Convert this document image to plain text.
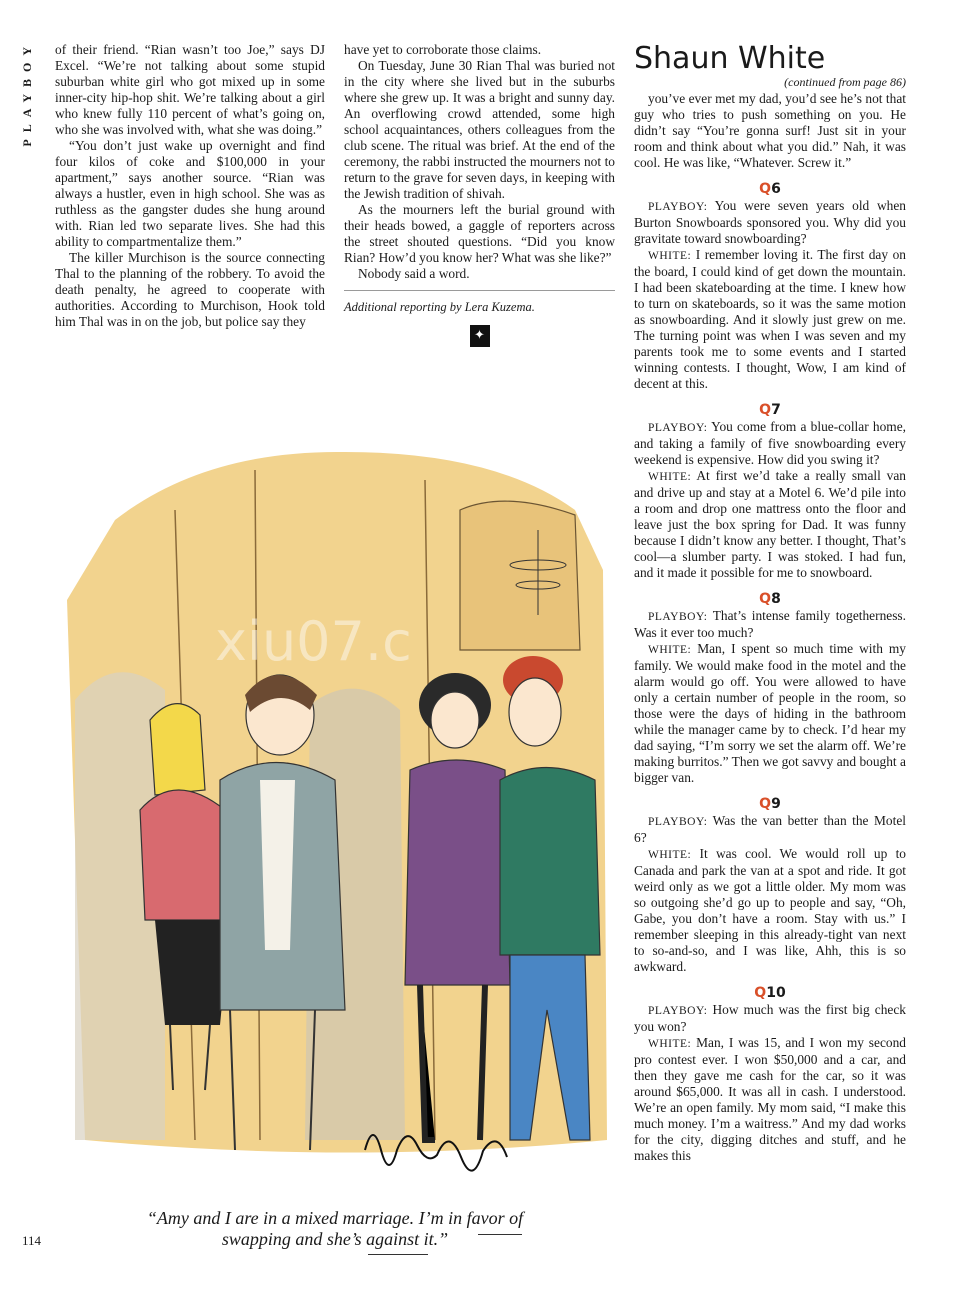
PLAYBOY
114

of their friend. “Rian wasn’t too Joe,” says DJ Excel. “We’re not talking about some stupid suburban white girl who got mixed up in some inner-city hip-hop shit. We’re talking about a girl who knew fully 110 percent of what’s going on, who she was involved with, what she was doing.”

“You don’t just wake up overnight and find four kilos of coke and $100,000 in your apartment,” says another source. “Rian was always a hustler, even in high school. She was as ruthless as the gangster dudes she hung around with. Rian led two separate lives. She had this ability to compartmentalize them.”

The killer Murchison is the source connecting Thal to the planning of the robbery. To avoid the death penalty, he agreed to cooperate with authorities. According to Murchison, Hook told him Thal was in on the job, but police say they

have yet to corroborate those claims.

On Tuesday, June 30 Rian Thal was buried not in the city where she lived but in the suburbs where she grew up. It was a bright and sunny day. An overflowing crowd attended, some high school acquaintances, others colleagues from the club scene. The ritual was brief. At the end of the ceremony, the rabbi instructed the mourners not to return to the grave for seven days, in keeping with the Jewish tradition of shivah.

As the mourners left the burial ground with their heads bowed, a gaggle of reporters across the street shouted questions. “Did you know Rian? How’d you know her? What was she like?”

Nobody said a word.

Additional reporting by Lera Kuzema.

✦
Shaun White
(continued from page 86)

you’ve ever met my dad, you’d see he’s not that guy who tries to push something on you. He didn’t say “You’re gonna surf! Just sit in your room and think about what you did.” Nah, it was cool. He was like, “Whatever. Screw it.”

Q6

PLAYBOY: You were seven years old when Burton Snowboards sponsored you. Why did you gravitate toward snowboarding?

WHITE: I remember loving it. The first day on the board, I could kind of get down the mountain. I had been skateboarding at the time. I knew how to turn on skateboards, so it was the same motion as snowboarding. And it slowly just grew on me. The turning point was when I was seven and my parents took me to some events and I started winning contests. I thought, Wow, I am kind of decent at this.

Q7

PLAYBOY: You come from a blue-collar home, and taking a family of five snowboarding every weekend is expensive. How did you swing it?

WHITE: At first we’d take a really small van and drive up and stay at a Motel 6. We’d pile into a room and drop one mattress onto the floor and leave just the box spring for Dad. It was funny because I didn’t know any better. I thought, That’s cool—a slumber party. I was stoked. I had fun, and it made it possible for me to snowboard.

Q8

PLAYBOY: That’s intense family togetherness. Was it ever too much?

WHITE: Man, I spent so much time with my family. We would make food in the motel and the alarm would go off. You were allowed to have only a certain number of people in the room, so those were the days of hiding in the bathroom while the manager came by to check. I’d hear my dad saying, “I’m sorry we set the alarm off. We’re making burritos.” Then we got savvy and bought a bigger van.

Q9

PLAYBOY: Was the van better than the Motel 6?

WHITE: It was cool. We would roll up to Canada and park the van at a spot and ride. It got weird only as we got a little older. My mom was so outgoing she’d go up to people and say, “Oh, Gabe, you don’t have a room. Stay with us.” I remember sleeping in this already-tight van next to so-and-so, and I was like, Ahh, this is so awkward.

Q10

PLAYBOY: How much was the first big check you won?

WHITE: Man, I was 15, and I won my second pro contest ever. I won $50,000 and a car, and then they gave me cash for the car, so it was around $65,000. It was all in cash. I understood. We’re an open family. My mom said, “I make this much money. I’m a waitress.” And my dad works for the city, digging ditches and stuff, and he makes this

xiu07.c
“Amy and I are in a mixed marriage. I’m in favor of
swapping and she’s against it.”
